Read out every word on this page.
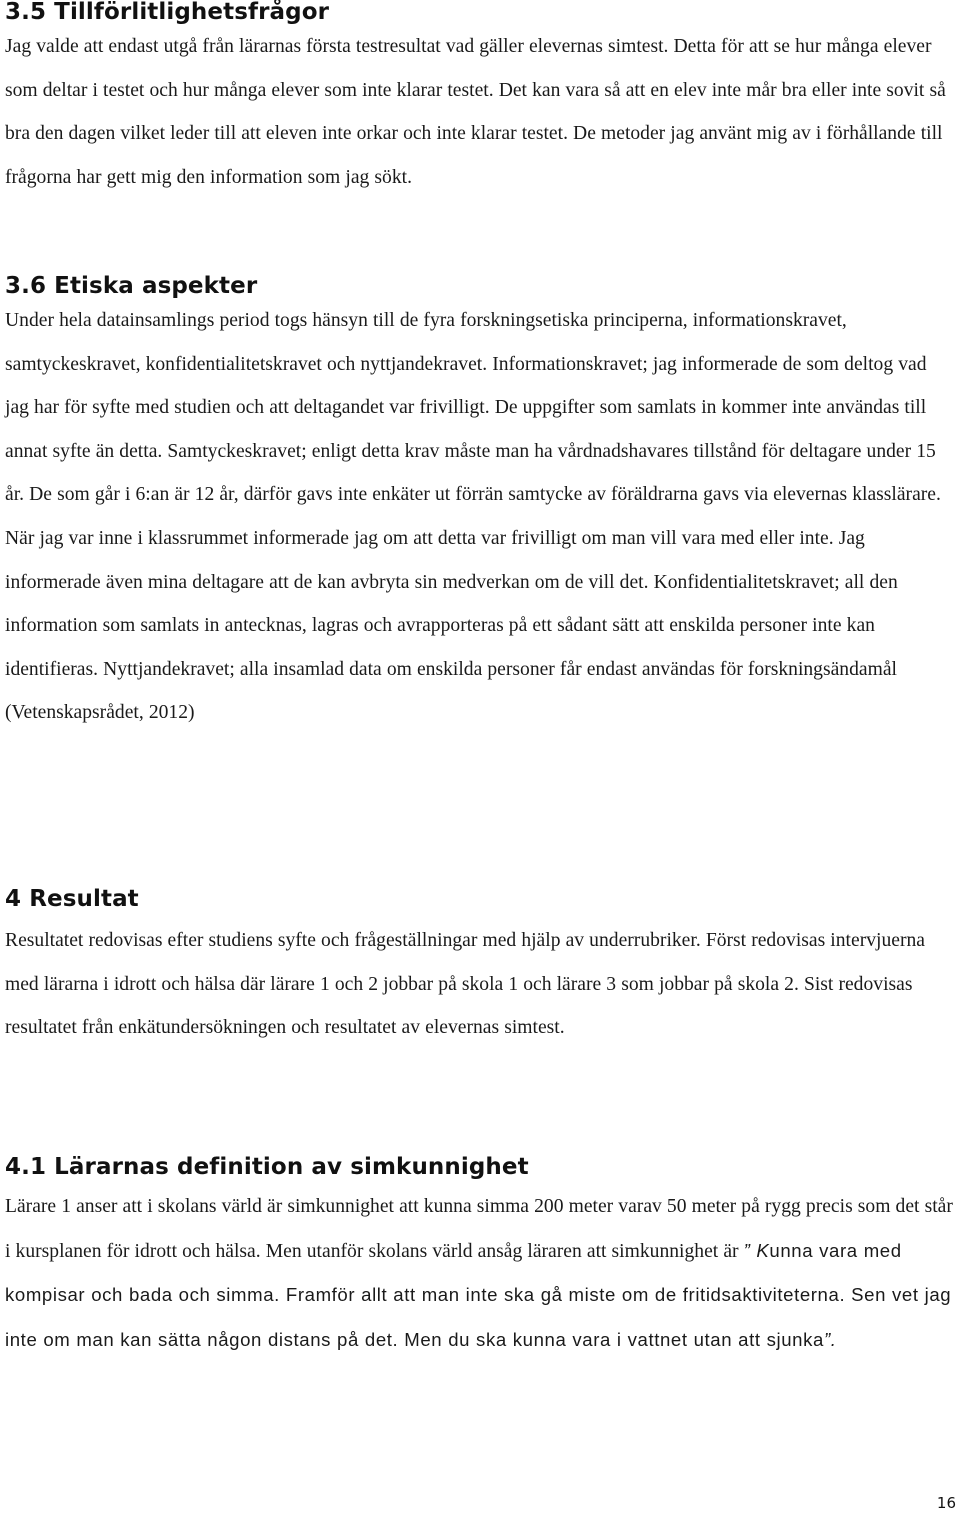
3.5 Tillförlitlighetsfrågor

Jag valde att endast utgå från lärarnas första testresultat vad gäller elevernas simtest. Detta för att se hur många elever som deltar i testet och hur många elever som inte klarar testet. Det kan vara så att en elev inte mår bra eller inte sovit så bra den dagen vilket leder till att eleven inte orkar och inte klarar testet. De metoder jag använt mig av i förhållande till frågorna har gett mig den information som jag sökt.

3.6 Etiska aspekter

Under hela datainsamlings period togs hänsyn till de fyra forskningsetiska principerna, informationskravet, samtyckeskravet, konfidentialitetskravet och nyttjandekravet. Informationskravet; jag informerade de som deltog vad jag har för syfte med studien och att deltagandet var frivilligt. De uppgifter som samlats in kommer inte användas till annat syfte än detta. Samtyckeskravet; enligt detta krav måste man ha vårdnadshavares tillstånd för deltagare under 15 år. De som går i 6:an är 12 år, därför gavs inte enkäter ut förrän samtycke av föräldrarna gavs via elevernas klasslärare. När jag var inne i klassrummet informerade jag om att detta var frivilligt om man vill vara med eller inte. Jag informerade även mina deltagare att de kan avbryta sin medverkan om de vill det. Konfidentialitetskravet; all den information som samlats in antecknas, lagras och avrapporteras på ett sådant sätt att enskilda personer inte kan identifieras. Nyttjandekravet; alla insamlad data om enskilda personer får endast användas för forskningsändamål (Vetenskapsrådet, 2012)

4 Resultat

Resultatet redovisas efter studiens syfte och frågeställningar med hjälp av underrubriker. Först redovisas intervjuerna med lärarna i idrott och hälsa där lärare 1 och 2 jobbar på skola 1 och lärare 3 som jobbar på skola 2. Sist redovisas resultatet från enkätundersökningen och resultatet av elevernas simtest.

4.1 Lärarnas definition av simkunnighet

Lärare 1 anser att i skolans värld är simkunnighet att kunna simma 200 meter varav 50 meter på rygg precis som det står i kursplanen för idrott och hälsa. Men utanför skolans värld ansåg läraren att simkunnighet är ” Kunna vara med kompisar och bada och simma. Framför allt att man inte ska gå miste om de fritidsaktiviteterna. Sen vet jag inte om man kan sätta någon distans på det. Men du ska kunna vara i vattnet utan att sjunka”.

16
